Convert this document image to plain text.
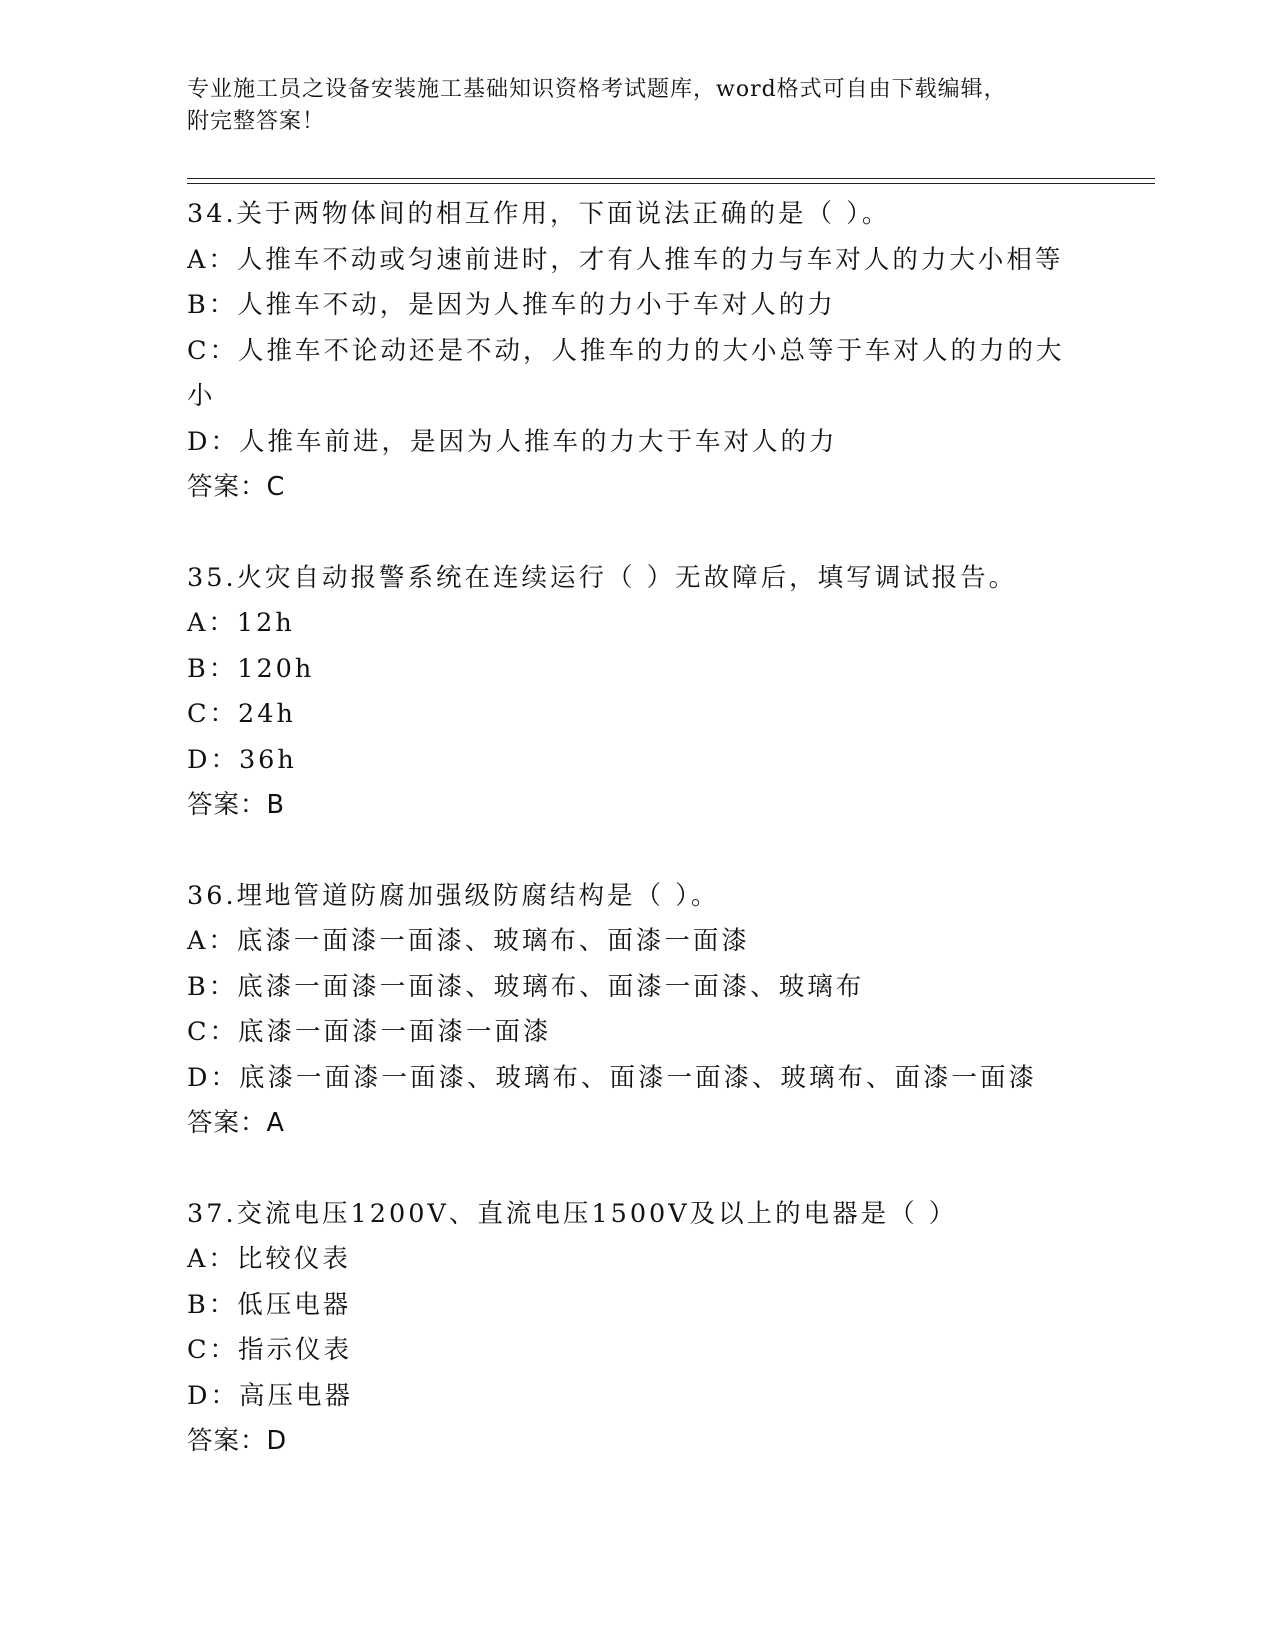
专业施工员之设备安装施工基础知识资格考试题库，word格式可自由下载编辑，
附完整答案！
34.关于两物体间的相互作用，下面说法正确的是（ ）。
A：人推车不动或匀速前进时，才有人推车的力与车对人的力大小相等
B：人推车不动，是因为人推车的力小于车对人的力
C：人推车不论动还是不动，人推车的力的大小总等于车对人的力的大
小
D：人推车前进，是因为人推车的力大于车对人的力
答案：C
35.火灾自动报警系统在连续运行（ ）无故障后，填写调试报告。
A：12h
B：120h
C：24h
D：36h
答案：B
36.埋地管道防腐加强级防腐结构是（ ）。
A：底漆一面漆一面漆、玻璃布、面漆一面漆
B：底漆一面漆一面漆、玻璃布、面漆一面漆、玻璃布
C：底漆一面漆一面漆一面漆
D：底漆一面漆一面漆、玻璃布、面漆一面漆、玻璃布、面漆一面漆
答案：A
37.交流电压1200V、直流电压1500V及以上的电器是（ ）
A：比较仪表
B：低压电器
C：指示仪表
D：高压电器
答案：D
